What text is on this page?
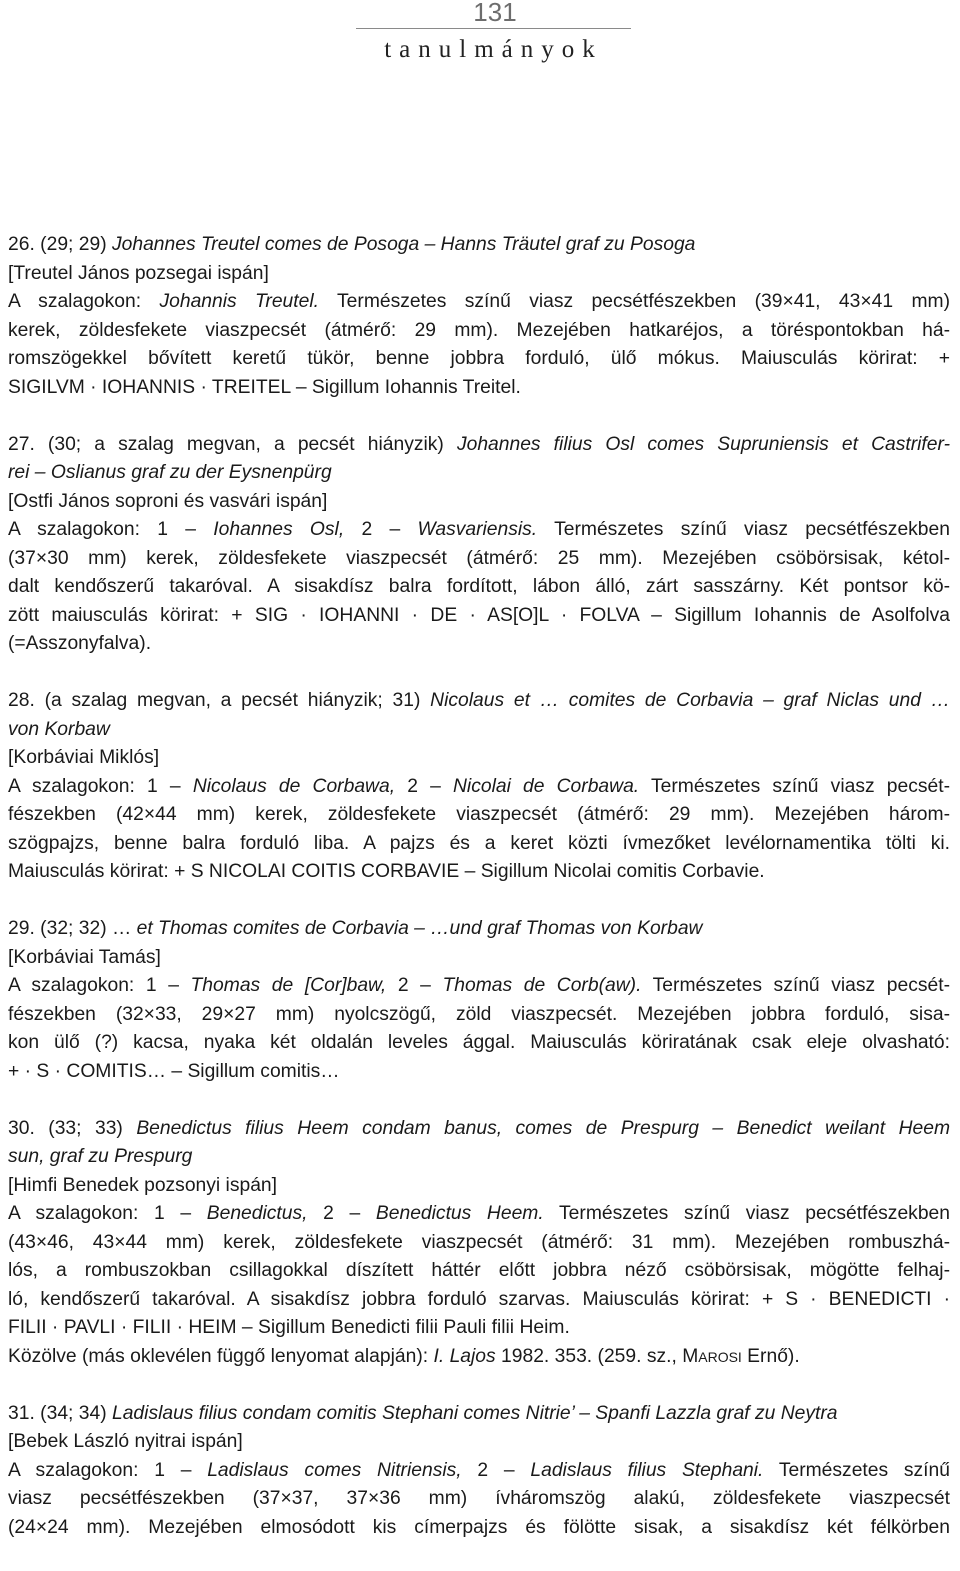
131
tanulmányok
26. (29; 29) Johannes Treutel comes de Posoga – Hanns Träutel graf zu Posoga
[Treutel János pozsegai ispán]
A szalagokon: Johannis Treutel. Természetes színű viasz pecsétfészekben (39×41, 43×41 mm)
kerek, zöldesfekete viaszpecsét (átmérő: 29 mm). Mezejében hatkaréjos, a töréspontokban há-
romszögekkel bővített keretű tükör, benne jobbra forduló, ülő mókus. Maiusculás körirat: +
SIGILVM · IOHANNIS · TREITEL – Sigillum Iohannis Treitel.
27. (30; a szalag megvan, a pecsét hiányzik) Johannes filius Osl comes Supruniensis et Castrifer-
rei – Oslianus graf zu der Eysnenpürg
[Ostfi János soproni és vasvári ispán]
A szalagokon: 1 – Iohannes Osl, 2 – Wasvariensis. Természetes színű viasz pecsétfészekben
(37×30 mm) kerek, zöldesfekete viaszpecsét (átmérő: 25 mm). Mezejében csöbörsisak, kétol-
dalt kendőszerű takaróval. A sisakdísz balra fordított, lábon álló, zárt sasszárny. Két pontsor kö-
zött maiusculás körirat: + SIG · IOHANNI · DE · AS[O]L · FOLVA – Sigillum Iohannis de Asolfolva
(=Asszonyfalva).
28. (a szalag megvan, a pecsét hiányzik; 31) Nicolaus et … comites de Corbavia – graf Niclas und …
von Korbaw
[Korbáviai Miklós]
A szalagokon: 1 – Nicolaus de Corbawa, 2 – Nicolai de Corbawa. Természetes színű viasz pecsét-
fészekben (42×44 mm) kerek, zöldesfekete viaszpecsét (átmérő: 29 mm). Mezejében három-
szögpajzs, benne balra forduló liba. A pajzs és a keret közti ívmezőket levélornamentika tölti ki.
Maiusculás körirat: + S NICOLAI COITIS CORBAVIE – Sigillum Nicolai comitis Corbavie.
29. (32; 32) … et Thomas comites de Corbavia – …und graf Thomas von Korbaw
[Korbáviai Tamás]
A szalagokon: 1 – Thomas de [Cor]baw, 2 – Thomas de Corb(aw). Természetes színű viasz pecsét-
fészekben (32×33, 29×27 mm) nyolcszögű, zöld viaszpecsét. Mezejében jobbra forduló, sisa-
kon ülő (?) kacsa, nyaka két oldalán leveles ággal. Maiusculás köriratának csak eleje olvasható:
+ · S · COMITIS… – Sigillum comitis…
30. (33; 33) Benedictus filius Heem condam banus, comes de Prespurg – Benedict weilant Heem
sun, graf zu Prespurg
[Himfi Benedek pozsonyi ispán]
A szalagokon: 1 – Benedictus, 2 – Benedictus Heem. Természetes színű viasz pecsétfészekben
(43×46, 43×44 mm) kerek, zöldesfekete viaszpecsét (átmérő: 31 mm). Mezejében rombuszhá-
lós, a rombuszokban csillagokkal díszített háttér előtt jobbra néző csöbörsisak, mögötte felhaj-
ló, kendőszerű takaróval. A sisakdísz jobbra forduló szarvas. Maiusculás körirat: + S · BENEDICTI ·
FILII · PAVLI · FILII · HEIM – Sigillum Benedicti filii Pauli filii Heim.
Közölve (más oklevélen függő lenyomat alapján): I. Lajos 1982. 353. (259. sz., Marosi Ernő).
31. (34; 34) Ladislaus filius condam comitis Stephani comes Nitrie’ – Spanfi Lazzla graf zu Neytra
[Bebek László nyitrai ispán]
A szalagokon: 1 – Ladislaus comes Nitriensis, 2 – Ladislaus filius Stephani. Természetes színű
viasz pecsétfészekben (37×37, 37×36 mm) ívháromszög alakú, zöldesfekete viaszpecsét
(24×24 mm). Mezejében elmosódott kis címerpajzs és fölötte sisak, a sisakdísz két félkörben
